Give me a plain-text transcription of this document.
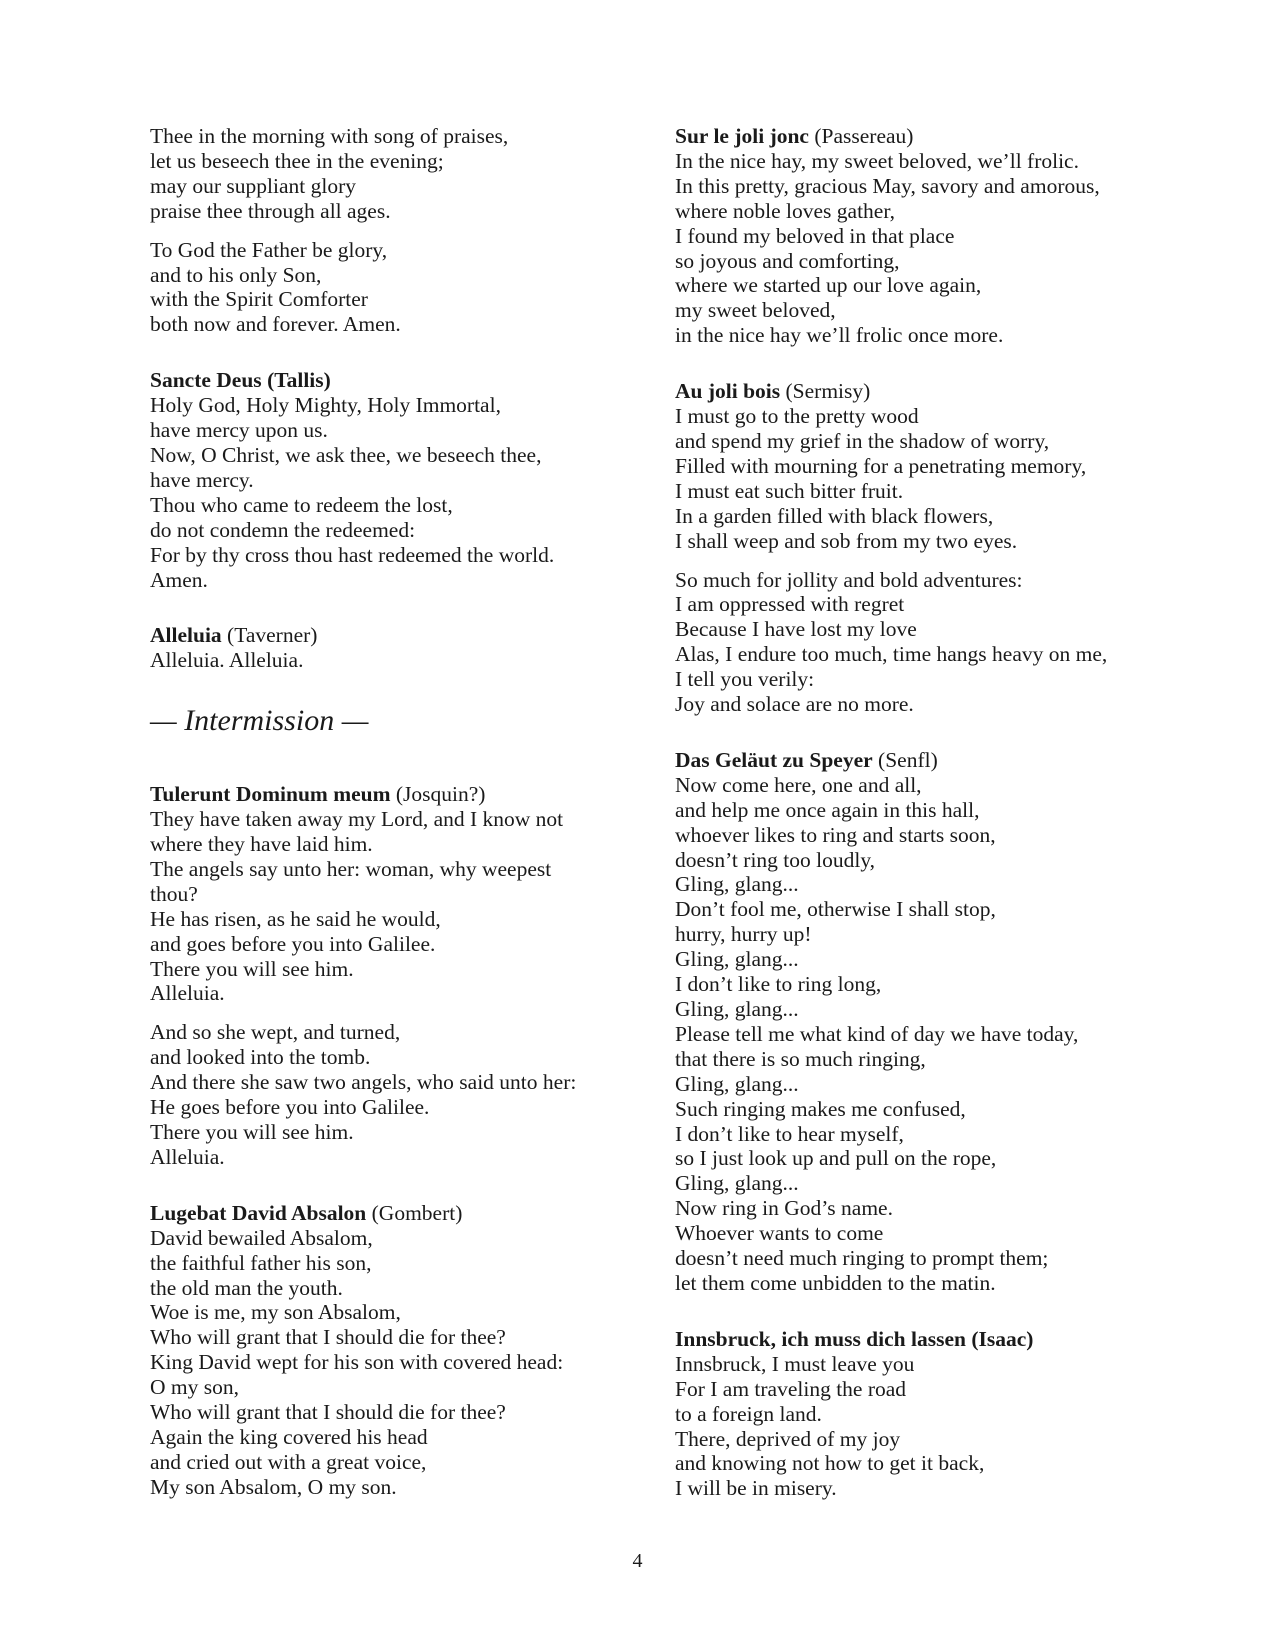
Thee in the morning with song of praises,
let us beseech thee in the evening;
may our suppliant glory
praise thee through all ages.
To God the Father be glory,
and to his only Son,
with the Spirit Comforter
both now and forever. Amen.
Sancte Deus (Tallis)
Holy God, Holy Mighty, Holy Immortal,
have mercy upon us.
Now, O Christ, we ask thee, we beseech thee,
have mercy.
Thou who came to redeem the lost,
do not condemn the redeemed:
For by thy cross thou hast redeemed the world.
Amen.
Alleluia (Taverner)
Alleluia. Alleluia.
— Intermission —
Tulerunt Dominum meum (Josquin?)
They have taken away my Lord, and I know not
where they have laid him.
The angels say unto her: woman, why weepest
thou?
He has risen, as he said he would,
and goes before you into Galilee.
There you will see him.
Alleluia.
And so she wept, and turned,
and looked into the tomb.
And there she saw two angels, who said unto her:
He goes before you into Galilee.
There you will see him.
Alleluia.
Lugebat David Absalon (Gombert)
David bewailed Absalom,
the faithful father his son,
the old man the youth.
Woe is me, my son Absalom,
Who will grant that I should die for thee?
King David wept for his son with covered head:
O my son,
Who will grant that I should die for thee?
Again the king covered his head
and cried out with a great voice,
My son Absalom, O my son.
Sur le joli jonc (Passereau)
In the nice hay, my sweet beloved, we’ll frolic.
In this pretty, gracious May, savory and amorous,
where noble loves gather,
I found my beloved in that place
so joyous and comforting,
where we started up our love again,
my sweet beloved,
in the nice hay we’ll frolic once more.
Au joli bois (Sermisy)
I must go to the pretty wood
and spend my grief in the shadow of worry,
Filled with mourning for a penetrating memory,
I must eat such bitter fruit.
In a garden filled with black flowers,
I shall weep and sob from my two eyes.
So much for jollity and bold adventures:
I am oppressed with regret
Because I have lost my love
Alas, I endure too much, time hangs heavy on me,
I tell you verily:
Joy and solace are no more.
Das Geläut zu Speyer (Senfl)
Now come here, one and all,
and help me once again in this hall,
whoever likes to ring and starts soon,
doesn’t ring too loudly,
Gling, glang...
Don’t fool me, otherwise I shall stop,
hurry, hurry up!
Gling, glang...
I don’t like to ring long,
Gling, glang...
Please tell me what kind of day we have today,
that there is so much ringing,
Gling, glang...
Such ringing makes me confused,
I don’t like to hear myself,
so I just look up and pull on the rope,
Gling, glang...
Now ring in God’s name.
Whoever wants to come
doesn’t need much ringing to prompt them;
let them come unbidden to the matin.
Innsbruck, ich muss dich lassen (Isaac)
Innsbruck, I must leave you
For I am traveling the road
to a foreign land.
There, deprived of my joy
and knowing not how to get it back,
I will be in misery.
4
